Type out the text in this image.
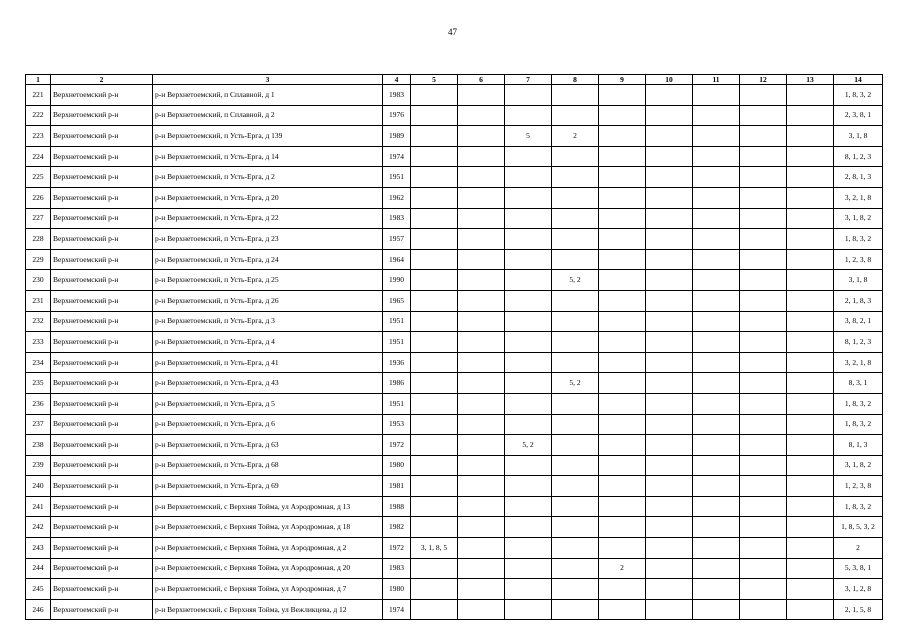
47
1	2	3	4	5	6	7	8	9	10	11	12	13	14
221	Верхнетоемский р-н	р-н Верхнетоемский, п Сплавной, д 1	1983										1, 8, 3, 2
222	Верхнетоемский р-н	р-н Верхнетоемский, п Сплавной, д 2	1976										2, 3, 8, 1
223	Верхнетоемский р-н	р-н Верхнетоемский, п Усть-Ерга, д 139	1989			5	2						3, 1, 8
224	Верхнетоемский р-н	р-н Верхнетоемский, п Усть-Ерга, д 14	1974										8, 1, 2, 3
225	Верхнетоемский р-н	р-н Верхнетоемский, п Усть-Ерга, д 2	1951										2, 8, 1, 3
226	Верхнетоемский р-н	р-н Верхнетоемский, п Усть-Ерга, д 20	1962										3, 2, 1, 8
227	Верхнетоемский р-н	р-н Верхнетоемский, п Усть-Ерга, д 22	1983										3, 1, 8, 2
228	Верхнетоемский р-н	р-н Верхнетоемский, п Усть-Ерга, д 23	1957										1, 8, 3, 2
229	Верхнетоемский р-н	р-н Верхнетоемский, п Усть-Ерга, д 24	1964										1, 2, 3, 8
230	Верхнетоемский р-н	р-н Верхнетоемский, п Усть-Ерга, д 25	1990				5, 2						3, 1, 8
231	Верхнетоемский р-н	р-н Верхнетоемский, п Усть-Ерга, д 26	1965										2, 1, 8, 3
232	Верхнетоемский р-н	р-н Верхнетоемский, п Усть-Ерга, д 3	1951										3, 8, 2, 1
233	Верхнетоемский р-н	р-н Верхнетоемский, п Усть-Ерга, д 4	1951										8, 1, 2, 3
234	Верхнетоемский р-н	р-н Верхнетоемский, п Усть-Ерга, д 41	1936										3, 2, 1, 8
235	Верхнетоемский р-н	р-н Верхнетоемский, п Усть-Ерга, д 43	1986				5, 2						8, 3, 1
236	Верхнетоемский р-н	р-н Верхнетоемский, п Усть-Ерга, д 5	1951										1, 8, 3, 2
237	Верхнетоемский р-н	р-н Верхнетоемский, п Усть-Ерга, д 6	1953										1, 8, 3, 2
238	Верхнетоемский р-н	р-н Верхнетоемский, п Усть-Ерга, д 63	1972			5, 2							8, 1, 3
239	Верхнетоемский р-н	р-н Верхнетоемский, п Усть-Ерга, д 68	1980										3, 1, 8, 2
240	Верхнетоемский р-н	р-н Верхнетоемский, п Усть-Ерга, д 69	1981										1, 2, 3, 8
241	Верхнетоемский р-н	р-н Верхнетоемский, с Верхняя Тойма, ул Аэродромная, д 13	1988										1, 8, 3, 2
242	Верхнетоемский р-н	р-н Верхнетоемский, с Верхняя Тойма, ул Аэродромная, д 18	1982										1, 8, 5, 3, 2
243	Верхнетоемский р-н	р-н Верхнетоемский, с Верхняя Тойма, ул Аэродромная, д 2	1972	3, 1, 8, 5									2
244	Верхнетоемский р-н	р-н Верхнетоемский, с Верхняя Тойма, ул Аэродромная, д 20	1983					2					5, 3, 8, 1
245	Верхнетоемский р-н	р-н Верхнетоемский, с Верхняя Тойма, ул Аэродромная, д 7	1980										3, 1, 2, 8
246	Верхнетоемский р-н	р-н Верхнетоемский, с Верхняя Тойма, ул Вежликцева, д 12	1974										2, 1, 5, 8
